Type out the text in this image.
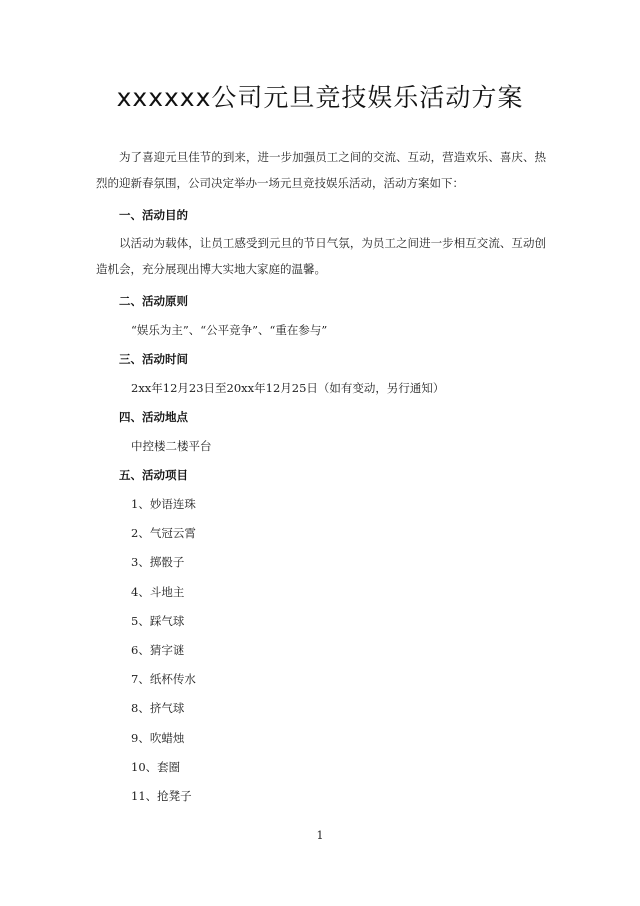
xxxxxx公司元旦竞技娱乐活动方案

为了喜迎元旦佳节的到来，进一步加强员工之间的交流、互动，营造欢乐、喜庆、热烈的迎新春氛围，公司决定举办一场元旦竞技娱乐活动，活动方案如下：

一、活动目的

以活动为载体，让员工感受到元旦的节日气氛，为员工之间进一步相互交流、互动创造机会，充分展现出博大实地大家庭的温馨。

二、活动原则
“娱乐为主”、“公平竞争”、“重在参与”
三、活动时间
2xx年12月23日至20xx年12月25日（如有变动，另行通知）
四、活动地点
中控楼二楼平台
五、活动项目
1、妙语连珠
2、气冠云霄
3、掷骰子
4、斗地主
5、踩气球
6、猜字谜
7、纸杯传水
8、挤气球
9、吹蜡烛
10、套圈
11、抢凳子
1
